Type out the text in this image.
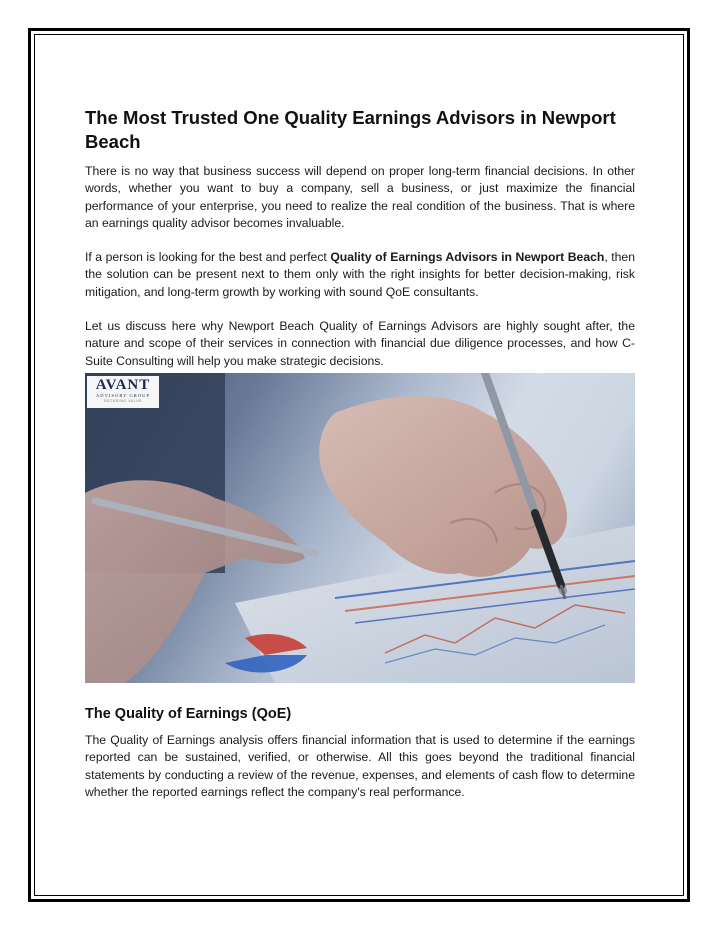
The Most Trusted One Quality Earnings Advisors in Newport Beach

There is no way that business success will depend on proper long-term financial decisions. In other words, whether you want to buy a company, sell a business, or just maximize the financial performance of your enterprise, you need to realize the real condition of the business. That is where an earnings quality advisor becomes invaluable.

If a person is looking for the best and perfect Quality of Earnings Advisors in Newport Beach, then the solution can be present next to them only with the right insights for better decision-making, risk mitigation, and long-term growth by working with sound QoE consultants.

Let us discuss here why Newport Beach Quality of Earnings Advisors are highly sought after, the nature and scope of their services in connection with financial due diligence processes, and how C-Suite Consulting will help you make strategic decisions.

AVANT
ADVISORY GROUP
SECURING VALUE
The Quality of Earnings (QoE)

The Quality of Earnings analysis offers financial information that is used to determine if the earnings reported can be sustained, verified, or otherwise. All this goes beyond the traditional financial statements by conducting a review of the revenue, expenses, and elements of cash flow to determine whether the reported earnings reflect the company's real performance.
